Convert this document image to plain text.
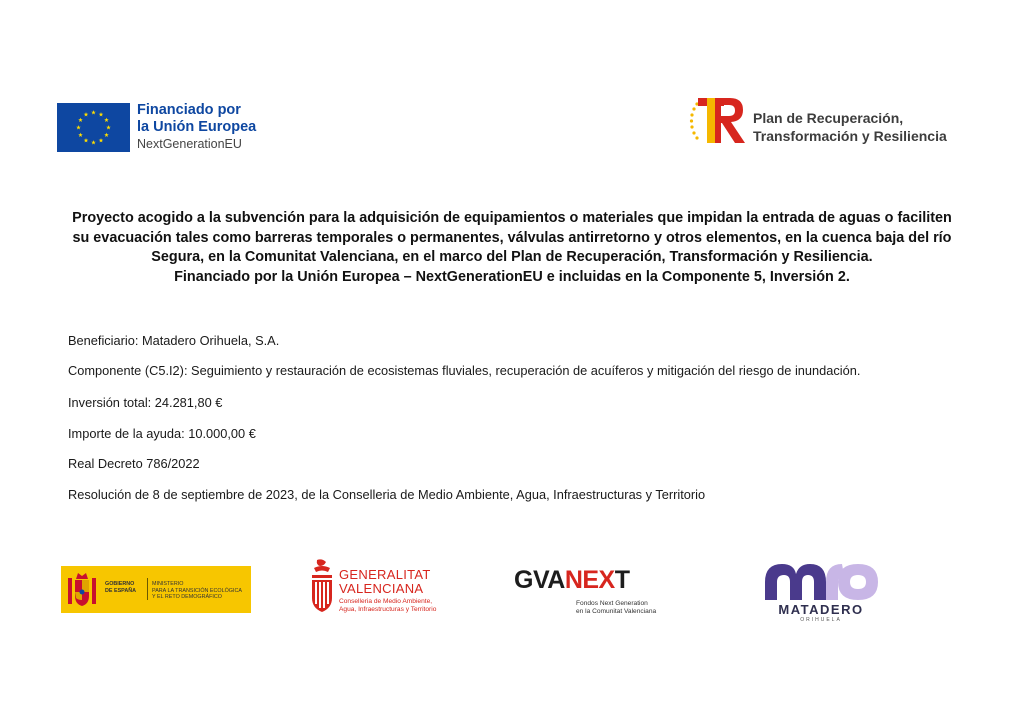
Financiado por
la Unión Europea
NextGenerationEU
Plan de Recuperación,
Transformación y Resiliencia
Proyecto acogido a la subvención para la adquisición de equipamientos o materiales que impidan la entrada de aguas o faciliten
su evacuación tales como barreras temporales o permanentes, válvulas antirretorno y otros elementos, en la cuenca baja del río
Segura, en la Comunitat Valenciana, en el marco del Plan de Recuperación, Transformación y Resiliencia.
Financiado por la Unión Europea – NextGenerationEU e incluidas en la Componente 5, Inversión 2.
Beneficiario: Matadero Orihuela, S.A.
Componente (C5.I2): Seguimiento y restauración de ecosistemas fluviales, recuperación de acuíferos y mitigación del riesgo de inundación.
Inversión total: 24.281,80 €
Importe de la ayuda: 10.000,00 €
Real Decreto 786/2022
Resolución de 8 de septiembre de 2023, de la Conselleria de Medio Ambiente, Agua, Infraestructuras y Territorio
GOBIERNO
DE ESPAÑA
MINISTERIO
PARA LA TRANSICIÓN ECOLÓGICA
Y EL RETO DEMOGRÁFICO
GENERALITAT
VALENCIANA
Conselleria de Medio Ambiente,
Agua, Infraestructuras y Territorio
GVANEXT
Fondos Next Generation
en la Comunitat Valenciana	MATADERO
ORIHUELA
